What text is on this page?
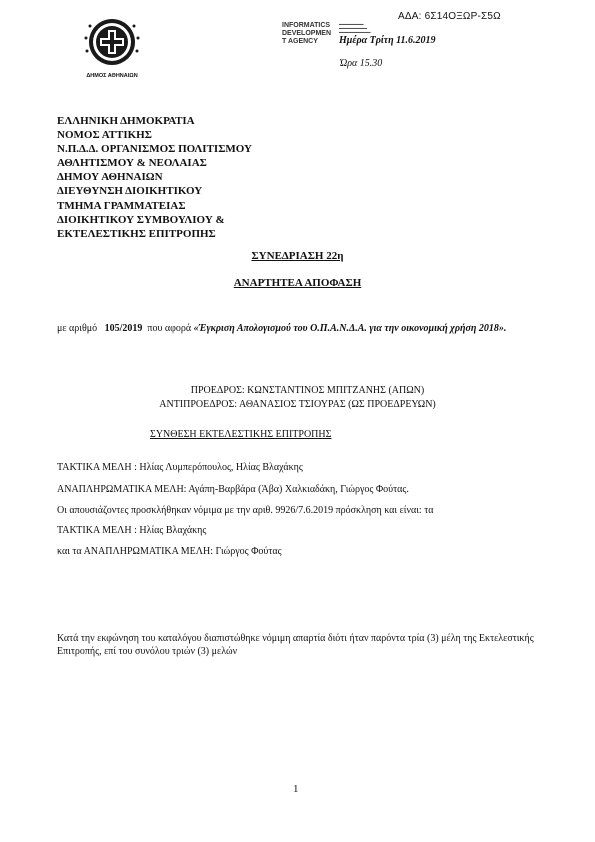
ΑΔΑ: 6Σ14ΟΞΩΡ-Σ5Ω
ΔΗΜΟΣ ΑΘΗΝΑΙΩΝ
INFORMATICS
DEVELOPMEN
T AGENCY
▬▬▬▬▬▬▬
▬▬▬▬▬▬▬▬
▬▬▬▬▬▬▬▬▬
Ημέρα Τρίτη 11.6.2019
Ώρα 15.30
ΕΛΛΗΝΙΚΗ ΔΗΜΟΚΡΑΤΙΑ
ΝΟΜΟΣ ΑΤΤΙΚΗΣ
Ν.Π.Δ.Δ. ΟΡΓΑΝΙΣΜΟΣ ΠΟΛΙΤΙΣΜΟΥ
ΑΘΛΗΤΙΣΜΟΥ & ΝΕΟΛΑΙΑΣ
ΔΗΜΟΥ ΑΘΗΝΑΙΩΝ
ΔΙΕΥΘΥΝΣΗ ΔΙΟΙΚΗΤΙΚΟΥ
ΤΜΗΜΑ ΓΡΑΜΜΑΤΕΙΑΣ
ΔΙΟΙΚΗΤΙΚΟΥ ΣΥΜΒΟΥΛΙΟΥ &
ΕΚΤΕΛΕΣΤΙΚΗΣ ΕΠΙΤΡΟΠΗΣ
ΣΥΝΕΔΡΙΑΣΗ 22η
ΑΝΑΡΤΗΤΕΑ ΑΠΟΦΑΣΗ
με αριθμό 105/2019 που αφορά «Έγκριση Απολογισμού του Ο.Π.Α.Ν.Δ.Α. για την οικονομική χρήση 2018».
ΠΡΟΕΔΡΟΣ: ΚΩΝΣΤΑΝΤΙΝΟΣ ΜΠΙΤΖΑΝΗΣ (ΑΠΩΝ)
ΑΝΤΙΠΡΟΕΔΡΟΣ: ΑΘΑΝΑΣΙΟΣ ΤΣΙΟΥΡΑΣ (ΩΣ ΠΡΟΕΔΡΕΥΩΝ)
ΣΥΝΘΕΣΗ ΕΚΤΕΛΕΣΤΙΚΗΣ ΕΠΙΤΡΟΠΗΣ
ΤΑΚΤΙΚΑ ΜΕΛΗ : Ηλίας Λυμπερόπουλος, Ηλίας Βλαχάκης
ΑΝΑΠΛΗΡΩΜΑΤΙΚΑ ΜΕΛΗ: Αγάπη-Βαρβάρα (Άβα) Χαλκιαδάκη, Γιώργος Φούτας.
Οι απουσιάζοντες προσκλήθηκαν νόμιμα με την αριθ. 9926/7.6.2019 πρόσκληση και είναι: τα
ΤΑΚΤΙΚΑ ΜΕΛΗ : Ηλίας Βλαχάκης
και τα ΑΝΑΠΛΗΡΩΜΑΤΙΚΑ ΜΕΛΗ: Γιώργος Φούτας
Κατά την εκφώνηση του καταλόγου διαπιστώθηκε νόμιμη απαρτία διότι ήταν παρόντα τρία (3) μέλη της Εκτελεστικής Επιτροπής, επί του συνόλου τριών (3) μελών
1
